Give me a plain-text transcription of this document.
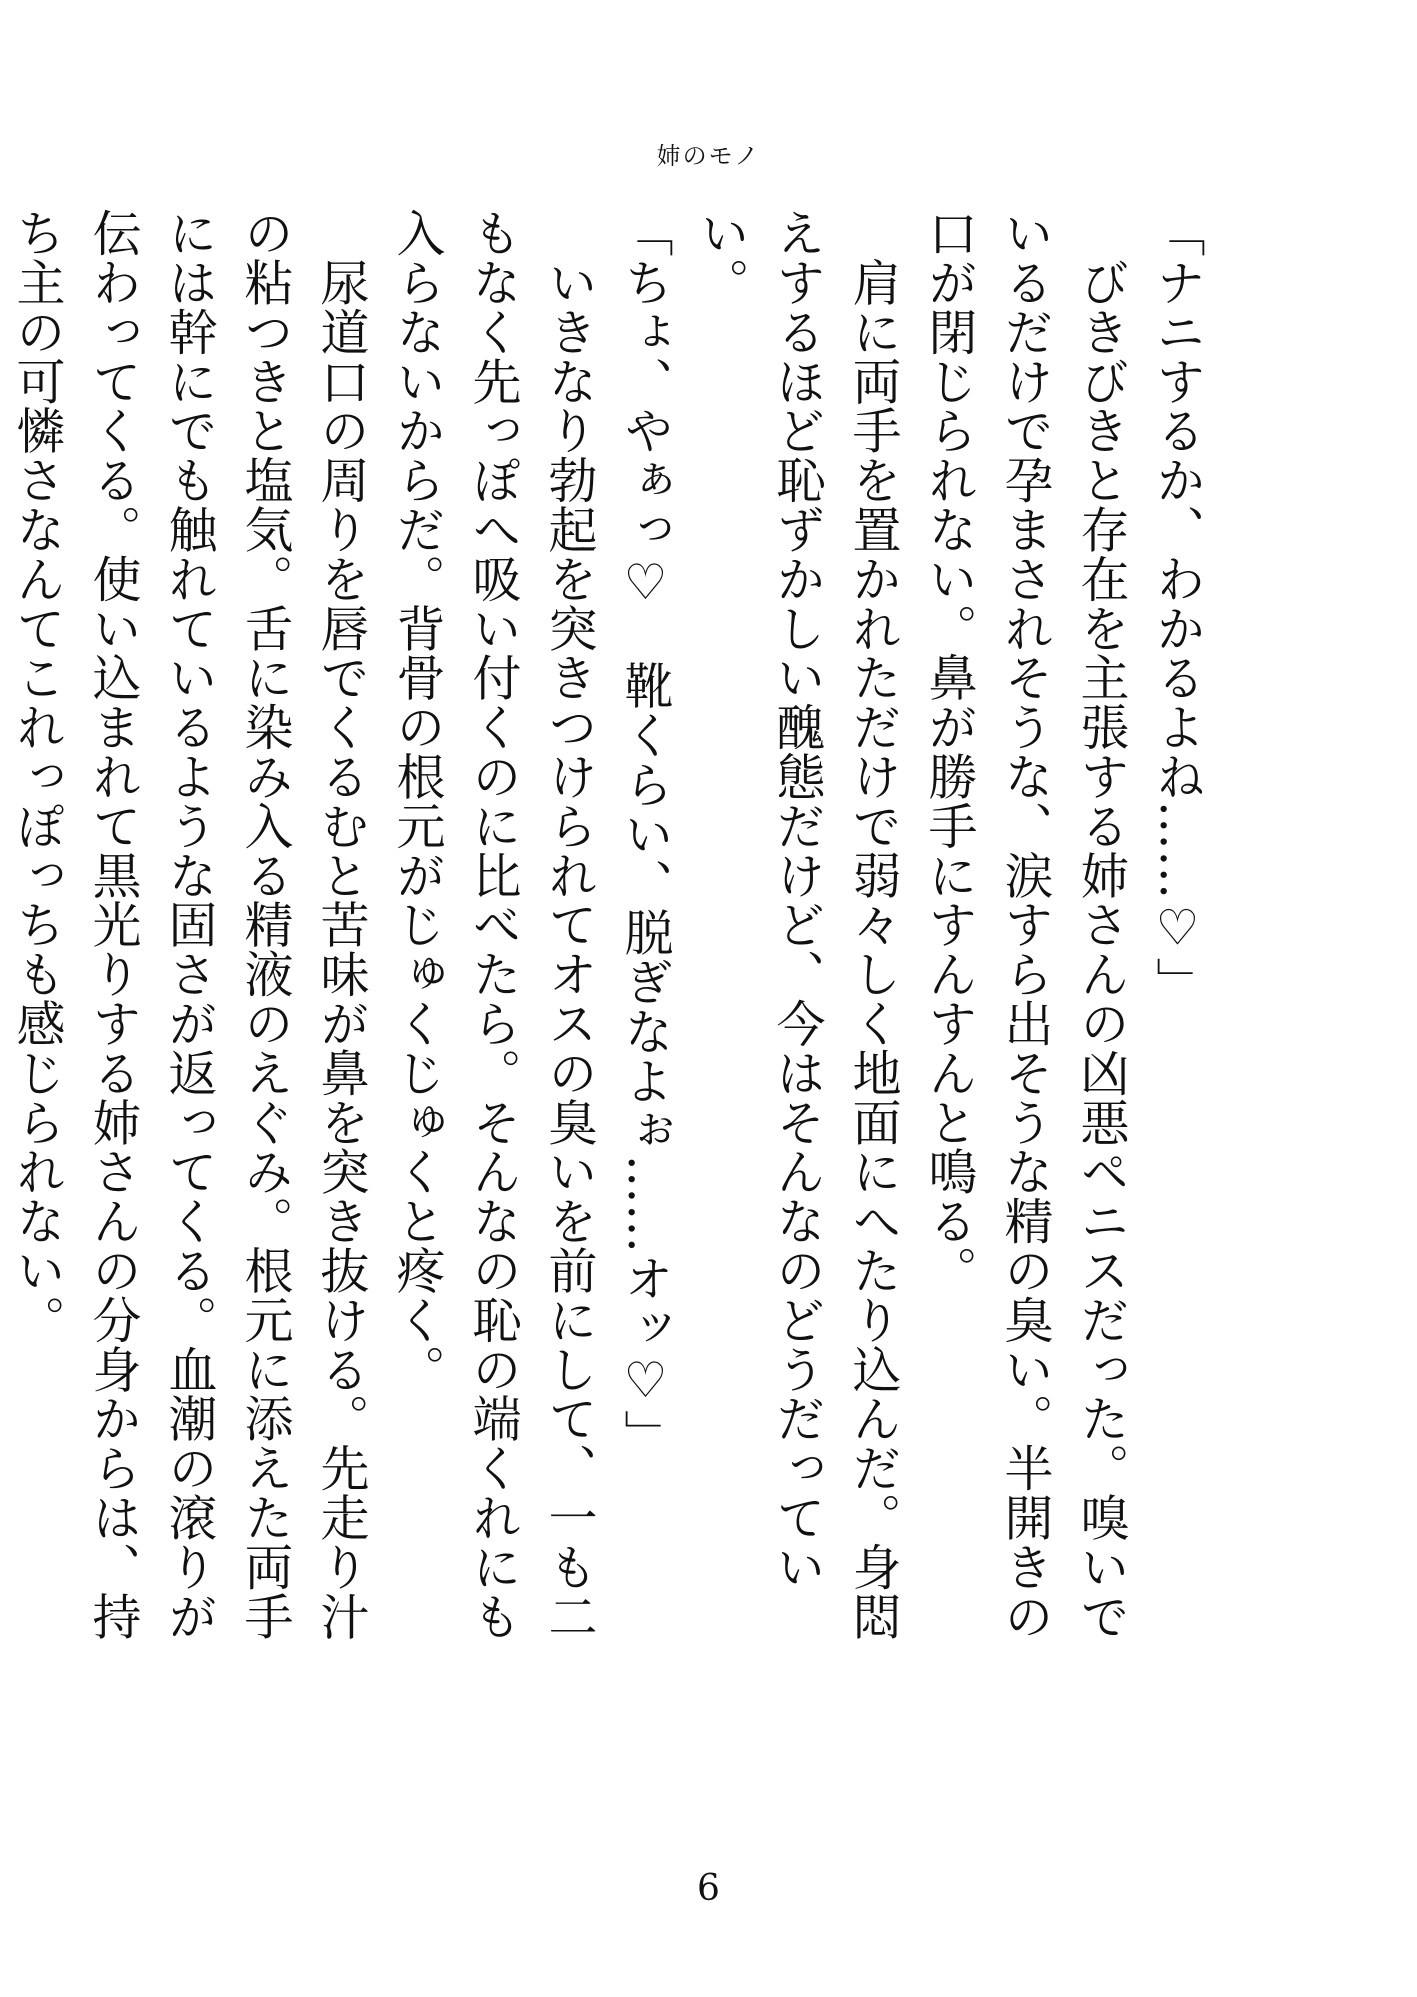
姉のモノ

「ナニするか、わかるよね……♡」

　びきびきと存在を主張する姉さんの凶悪ペニスだった。嗅いでいるだけで孕まされそうな、涙すら出そうな精の臭い。半開きの口が閉じられない。鼻が勝手にすんすんと鳴る。

　肩に両手を置かれただけで弱々しく地面にへたり込んだ。身悶えするほど恥ずかしい醜態だけど、今はそんなのどうだっていい。

「ちょ、やぁっ♡　靴くらい、脱ぎなよぉ……オッ♡」

　いきなり勃起を突きつけられてオスの臭いを前にして、一も二もなく先っぽへ吸い付くのに比べたら。そんなの恥の端くれにも入らないからだ。背骨の根元がじゅくじゅくと疼く。

　尿道口の周りを唇でくるむと苦味が鼻を突き抜ける。先走り汁の粘つきと塩気。舌に染み入る精液のえぐみ。根元に添えた両手には幹にでも触れているような固さが返ってくる。血潮の滾りが伝わってくる。使い込まれて黒光りする姉さんの分身からは、持ち主の可憐さなんてこれっぽっちも感じられない。

6
